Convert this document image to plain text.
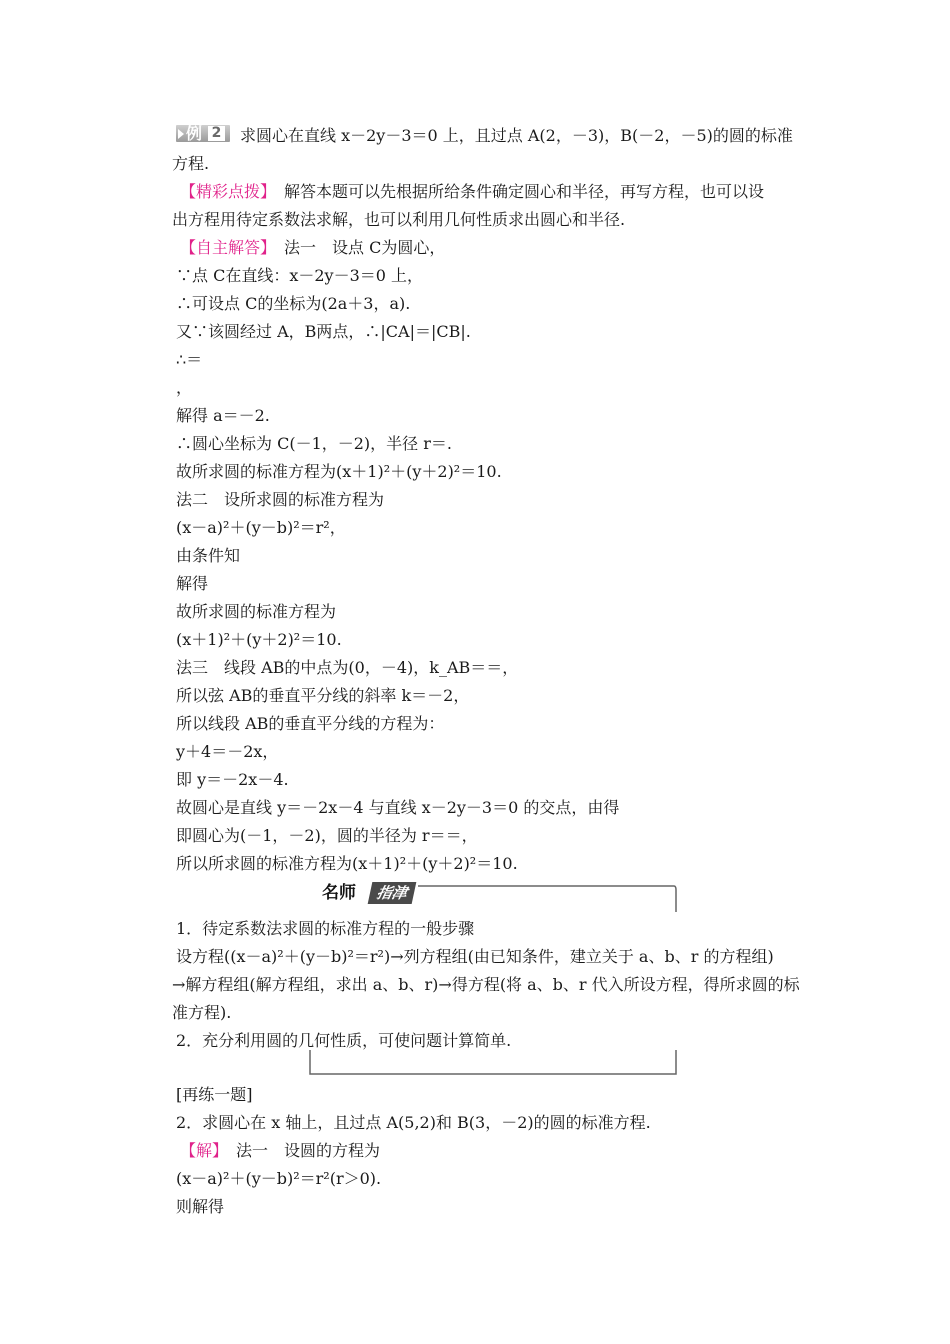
例 2 求圆心在直线 x－2y－3＝0 上，且过点 A(2，－3)，B(－2，－5)的圆的标准
方程.
【精彩点拨】　解答本题可以先根据所给条件确定圆心和半径，再写方程，也可以设
出方程用待定系数法求解，也可以利用几何性质求出圆心和半径.
【自主解答】　法一　设点 C为圆心，
∵点 C在直线：x－2y－3＝0 上，
∴可设点 C的坐标为(2a＋3，a).
又∵该圆经过 A，B两点，∴|CA|＝|CB|.
∴＝
，
解得 a＝－2.
∴圆心坐标为 C(－1，－2)，半径 r＝.
故所求圆的标准方程为(x＋1)²＋(y＋2)²＝10.
法二　设所求圆的标准方程为
(x－a)²＋(y－b)²＝r²，
由条件知
解得
故所求圆的标准方程为
(x＋1)²＋(y＋2)²＝10.
法三　线段 AB的中点为(0，－4)，k_AB＝＝，
所以弦 AB的垂直平分线的斜率 k＝－2，
所以线段 AB的垂直平分线的方程为：
y＋4＝－2x，
即 y＝－2x－4.
故圆心是直线 y＝－2x－4 与直线 x－2y－3＝0 的交点，由得
即圆心为(－1，－2)，圆的半径为 r＝＝，
所以所求圆的标准方程为(x＋1)²＋(y＋2)²＝10.
名师	指津
1．待定系数法求圆的标准方程的一般步骤
设方程((x－a)²＋(y－b)²＝r²)→列方程组(由已知条件，建立关于 a、b、r 的方程组)
→解方程组(解方程组，求出 a、b、r)→得方程(将 a、b、r 代入所设方程，得所求圆的标
准方程).
2．充分利用圆的几何性质，可使问题计算简单.
[再练一题]
2．求圆心在 x 轴上，且过点 A(5,2)和 B(3，－2)的圆的标准方程.
【解】　法一　设圆的方程为
(x－a)²＋(y－b)²＝r²(r＞0).
则解得
